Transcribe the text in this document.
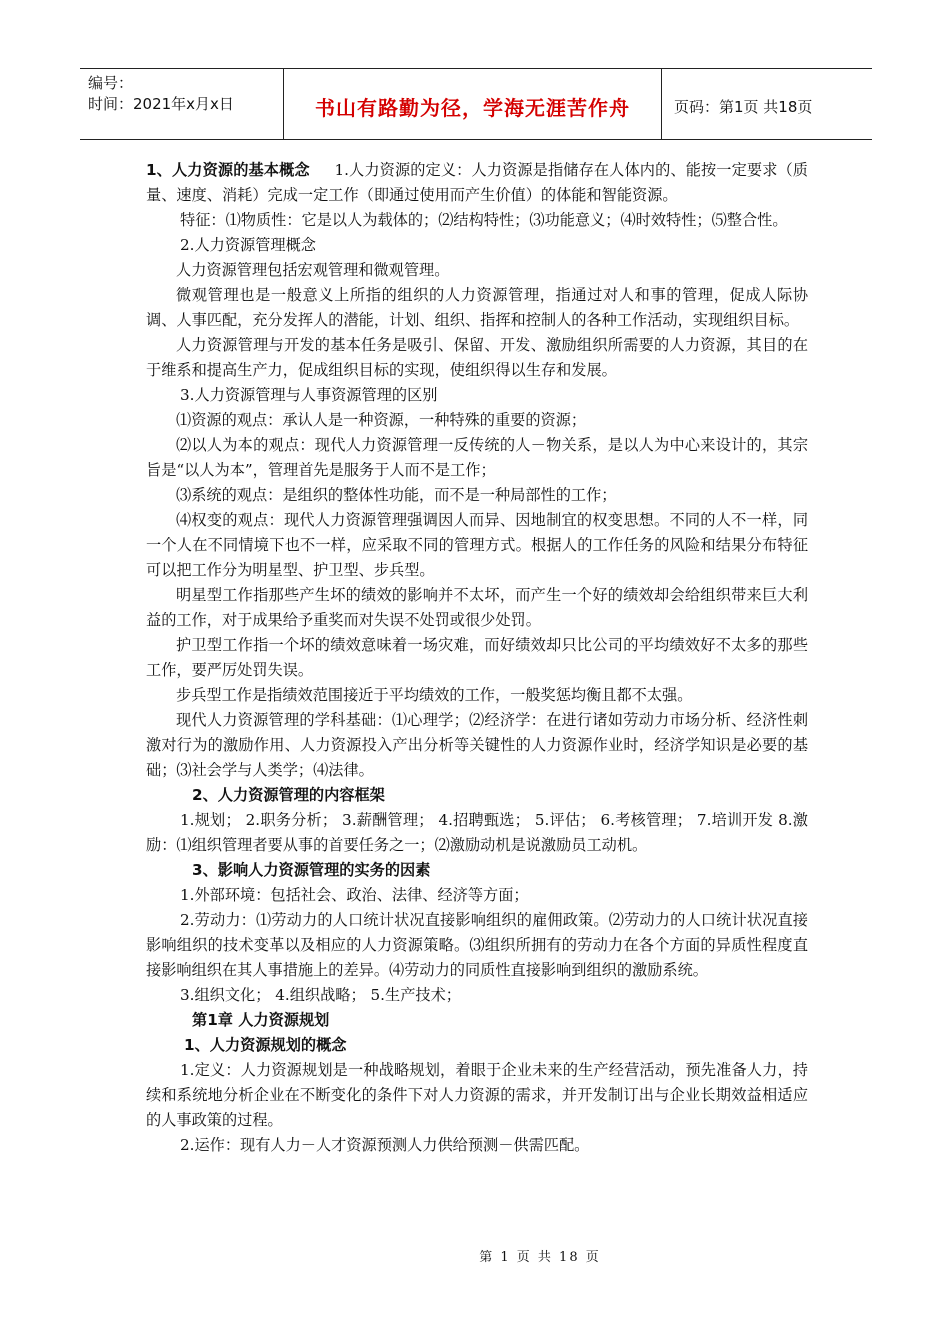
编号：
时间：2021年x月x日	书山有路勤为径，学海无涯苦作舟	页码：第1页 共18页

1、人力资源的基本概念 1.人力资源的定义：人力资源是指储存在人体内的、能按一定要求（质量、速度、消耗）完成一定工作（即通过使用而产生价值）的体能和智能资源。

特征：⑴物质性：它是以人为载体的；⑵结构特性；⑶功能意义；⑷时效特性；⑸整合性。

2.人力资源管理概念

人力资源管理包括宏观管理和微观管理。

微观管理也是一般意义上所指的组织的人力资源管理，指通过对人和事的管理，促成人际协调、人事匹配，充分发挥人的潜能，计划、组织、指挥和控制人的各种工作活动，实现组织目标。

人力资源管理与开发的基本任务是吸引、保留、开发、激励组织所需要的人力资源，其目的在于维系和提高生产力，促成组织目标的实现，使组织得以生存和发展。

3.人力资源管理与人事资源管理的区别

⑴资源的观点：承认人是一种资源，一种特殊的重要的资源；

⑵以人为本的观点：现代人力资源管理一反传统的人－物关系，是以人为中心来设计的，其宗旨是“以人为本”，管理首先是服务于人而不是工作；

⑶系统的观点：是组织的整体性功能，而不是一种局部性的工作；

⑷权变的观点：现代人力资源管理强调因人而异、因地制宜的权变思想。不同的人不一样，同一个人在不同情境下也不一样，应采取不同的管理方式。根据人的工作任务的风险和结果分布特征可以把工作分为明星型、护卫型、步兵型。

明星型工作指那些产生坏的绩效的影响并不太坏，而产生一个好的绩效却会给组织带来巨大利益的工作，对于成果给予重奖而对失误不处罚或很少处罚。

护卫型工作指一个坏的绩效意味着一场灾难，而好绩效却只比公司的平均绩效好不太多的那些工作，要严厉处罚失误。

步兵型工作是指绩效范围接近于平均绩效的工作，一般奖惩均衡且都不太强。

现代人力资源管理的学科基础：⑴心理学；⑵经济学：在进行诸如劳动力市场分析、经济性刺激对行为的激励作用、人力资源投入产出分析等关键性的人力资源作业时，经济学知识是必要的基础；⑶社会学与人类学；⑷法律。

2、人力资源管理的内容框架

1.规划； 2.职务分析； 3.薪酬管理； 4.招聘甄选； 5.评估； 6.考核管理； 7.培训开发 8.激励：⑴组织管理者要从事的首要任务之一；⑵激励动机是说激励员工动机。

3、影响人力资源管理的实务的因素

1.外部环境：包括社会、政治、法律、经济等方面；

2.劳动力：⑴劳动力的人口统计状况直接影响组织的雇佣政策。⑵劳动力的人口统计状况直接影响组织的技术变革以及相应的人力资源策略。⑶组织所拥有的劳动力在各个方面的异质性程度直接影响组织在其人事措施上的差异。⑷劳动力的同质性直接影响到组织的激励系统。

3.组织文化； 4.组织战略； 5.生产技术；

第1章 人力资源规划

1、人力资源规划的概念

1.定义：人力资源规划是一种战略规划，着眼于企业未来的生产经营活动，预先准备人力，持续和系统地分析企业在不断变化的条件下对人力资源的需求，并开发制订出与企业长期效益相适应的人事政策的过程。

2.运作：现有人力－人才资源预测人力供给预测－供需匹配。

第 1 页 共 18 页
